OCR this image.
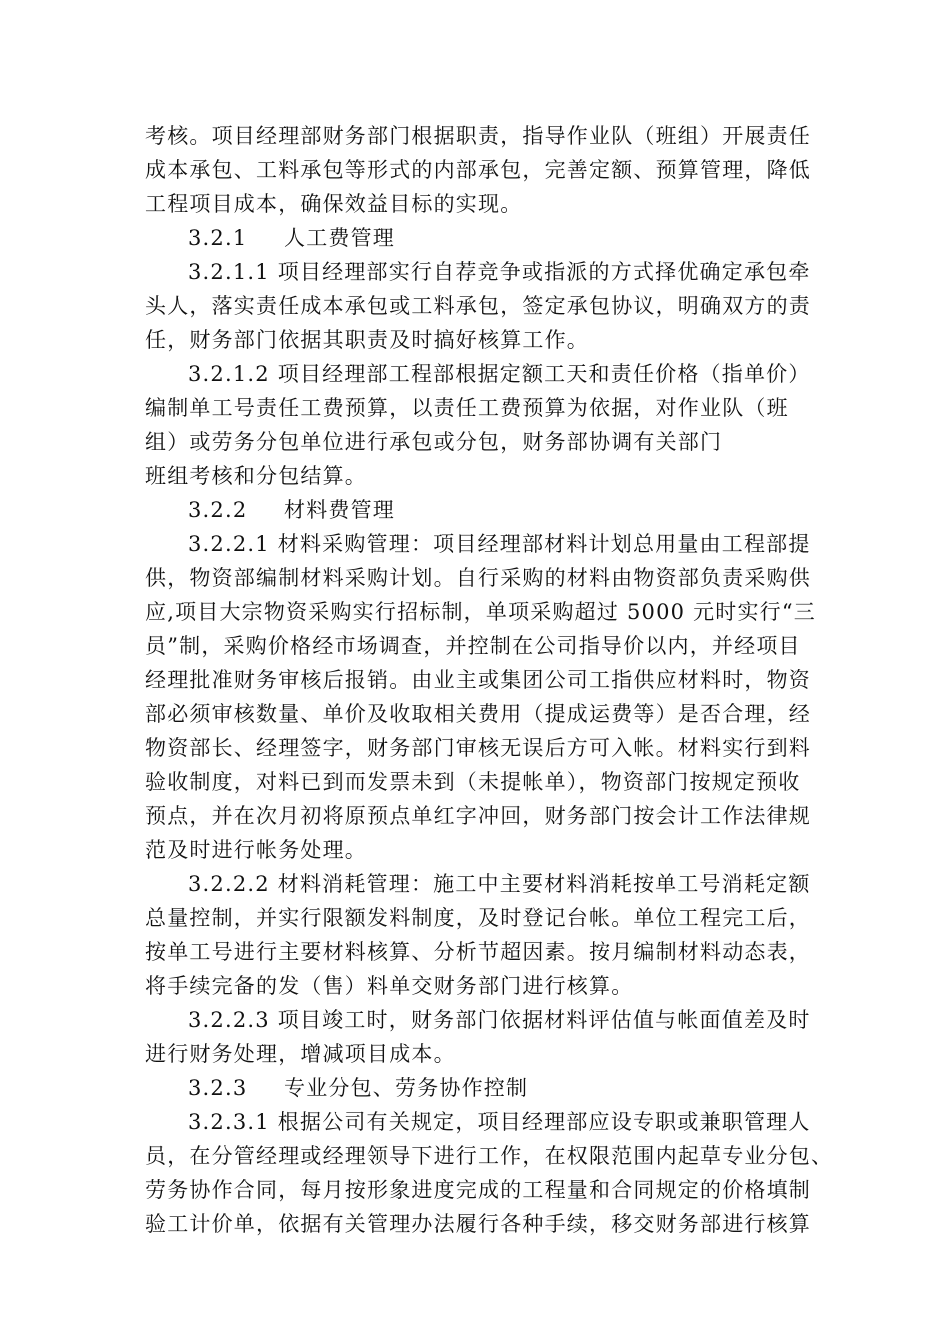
考核。项目经理部财务部门根据职责，指导作业队（班组）开展责任
成本承包、工料承包等形式的内部承包，完善定额、预算管理，降低
工程项目成本，确保效益目标的实现。
3.2.1 人工费管理
3.2.1.1 项目经理部实行自荐竞争或指派的方式择优确定承包牵
头人，落实责任成本承包或工料承包，签定承包协议，明确双方的责
任，财务部门依据其职责及时搞好核算工作。
3.2.1.2 项目经理部工程部根据定额工天和责任价格（指单价）
编制单工号责任工费预算，以责任工费预算为依据，对作业队（班
组）或劳务分包单位进行承包或分包，财务部协调有关部门
班组考核和分包结算。
3.2.2 材料费管理
3.2.2.1 材料采购管理：项目经理部材料计划总用量由工程部提
供，物资部编制材料采购计划。自行采购的材料由物资部负责采购供
应,项目大宗物资采购实行招标制，单项采购超过 5000 元时实行“三
员”制，采购价格经市场调查，并控制在公司指导价以内，并经项目
经理批准财务审核后报销。由业主或集团公司工指供应材料时，物资
部必须审核数量、单价及收取相关费用（提成运费等）是否合理，经
物资部长、经理签字，财务部门审核无误后方可入帐。材料实行到料
验收制度，对料已到而发票未到（未提帐单），物资部门按规定预收
预点，并在次月初将原预点单红字冲回，财务部门按会计工作法律规
范及时进行帐务处理。
3.2.2.2 材料消耗管理：施工中主要材料消耗按单工号消耗定额
总量控制，并实行限额发料制度，及时登记台帐。单位工程完工后，
按单工号进行主要材料核算、分析节超因素。按月编制材料动态表，
将手续完备的发（售）料单交财务部门进行核算。
3.2.2.3 项目竣工时，财务部门依据材料评估值与帐面值差及时
进行财务处理，增减项目成本。
3.2.3 专业分包、劳务协作控制
3.2.3.1 根据公司有关规定，项目经理部应设专职或兼职管理人
员，在分管经理或经理领导下进行工作，在权限范围内起草专业分包、
劳务协作合同，每月按形象进度完成的工程量和合同规定的价格填制
验工计价单，依据有关管理办法履行各种手续，移交财务部进行核算
